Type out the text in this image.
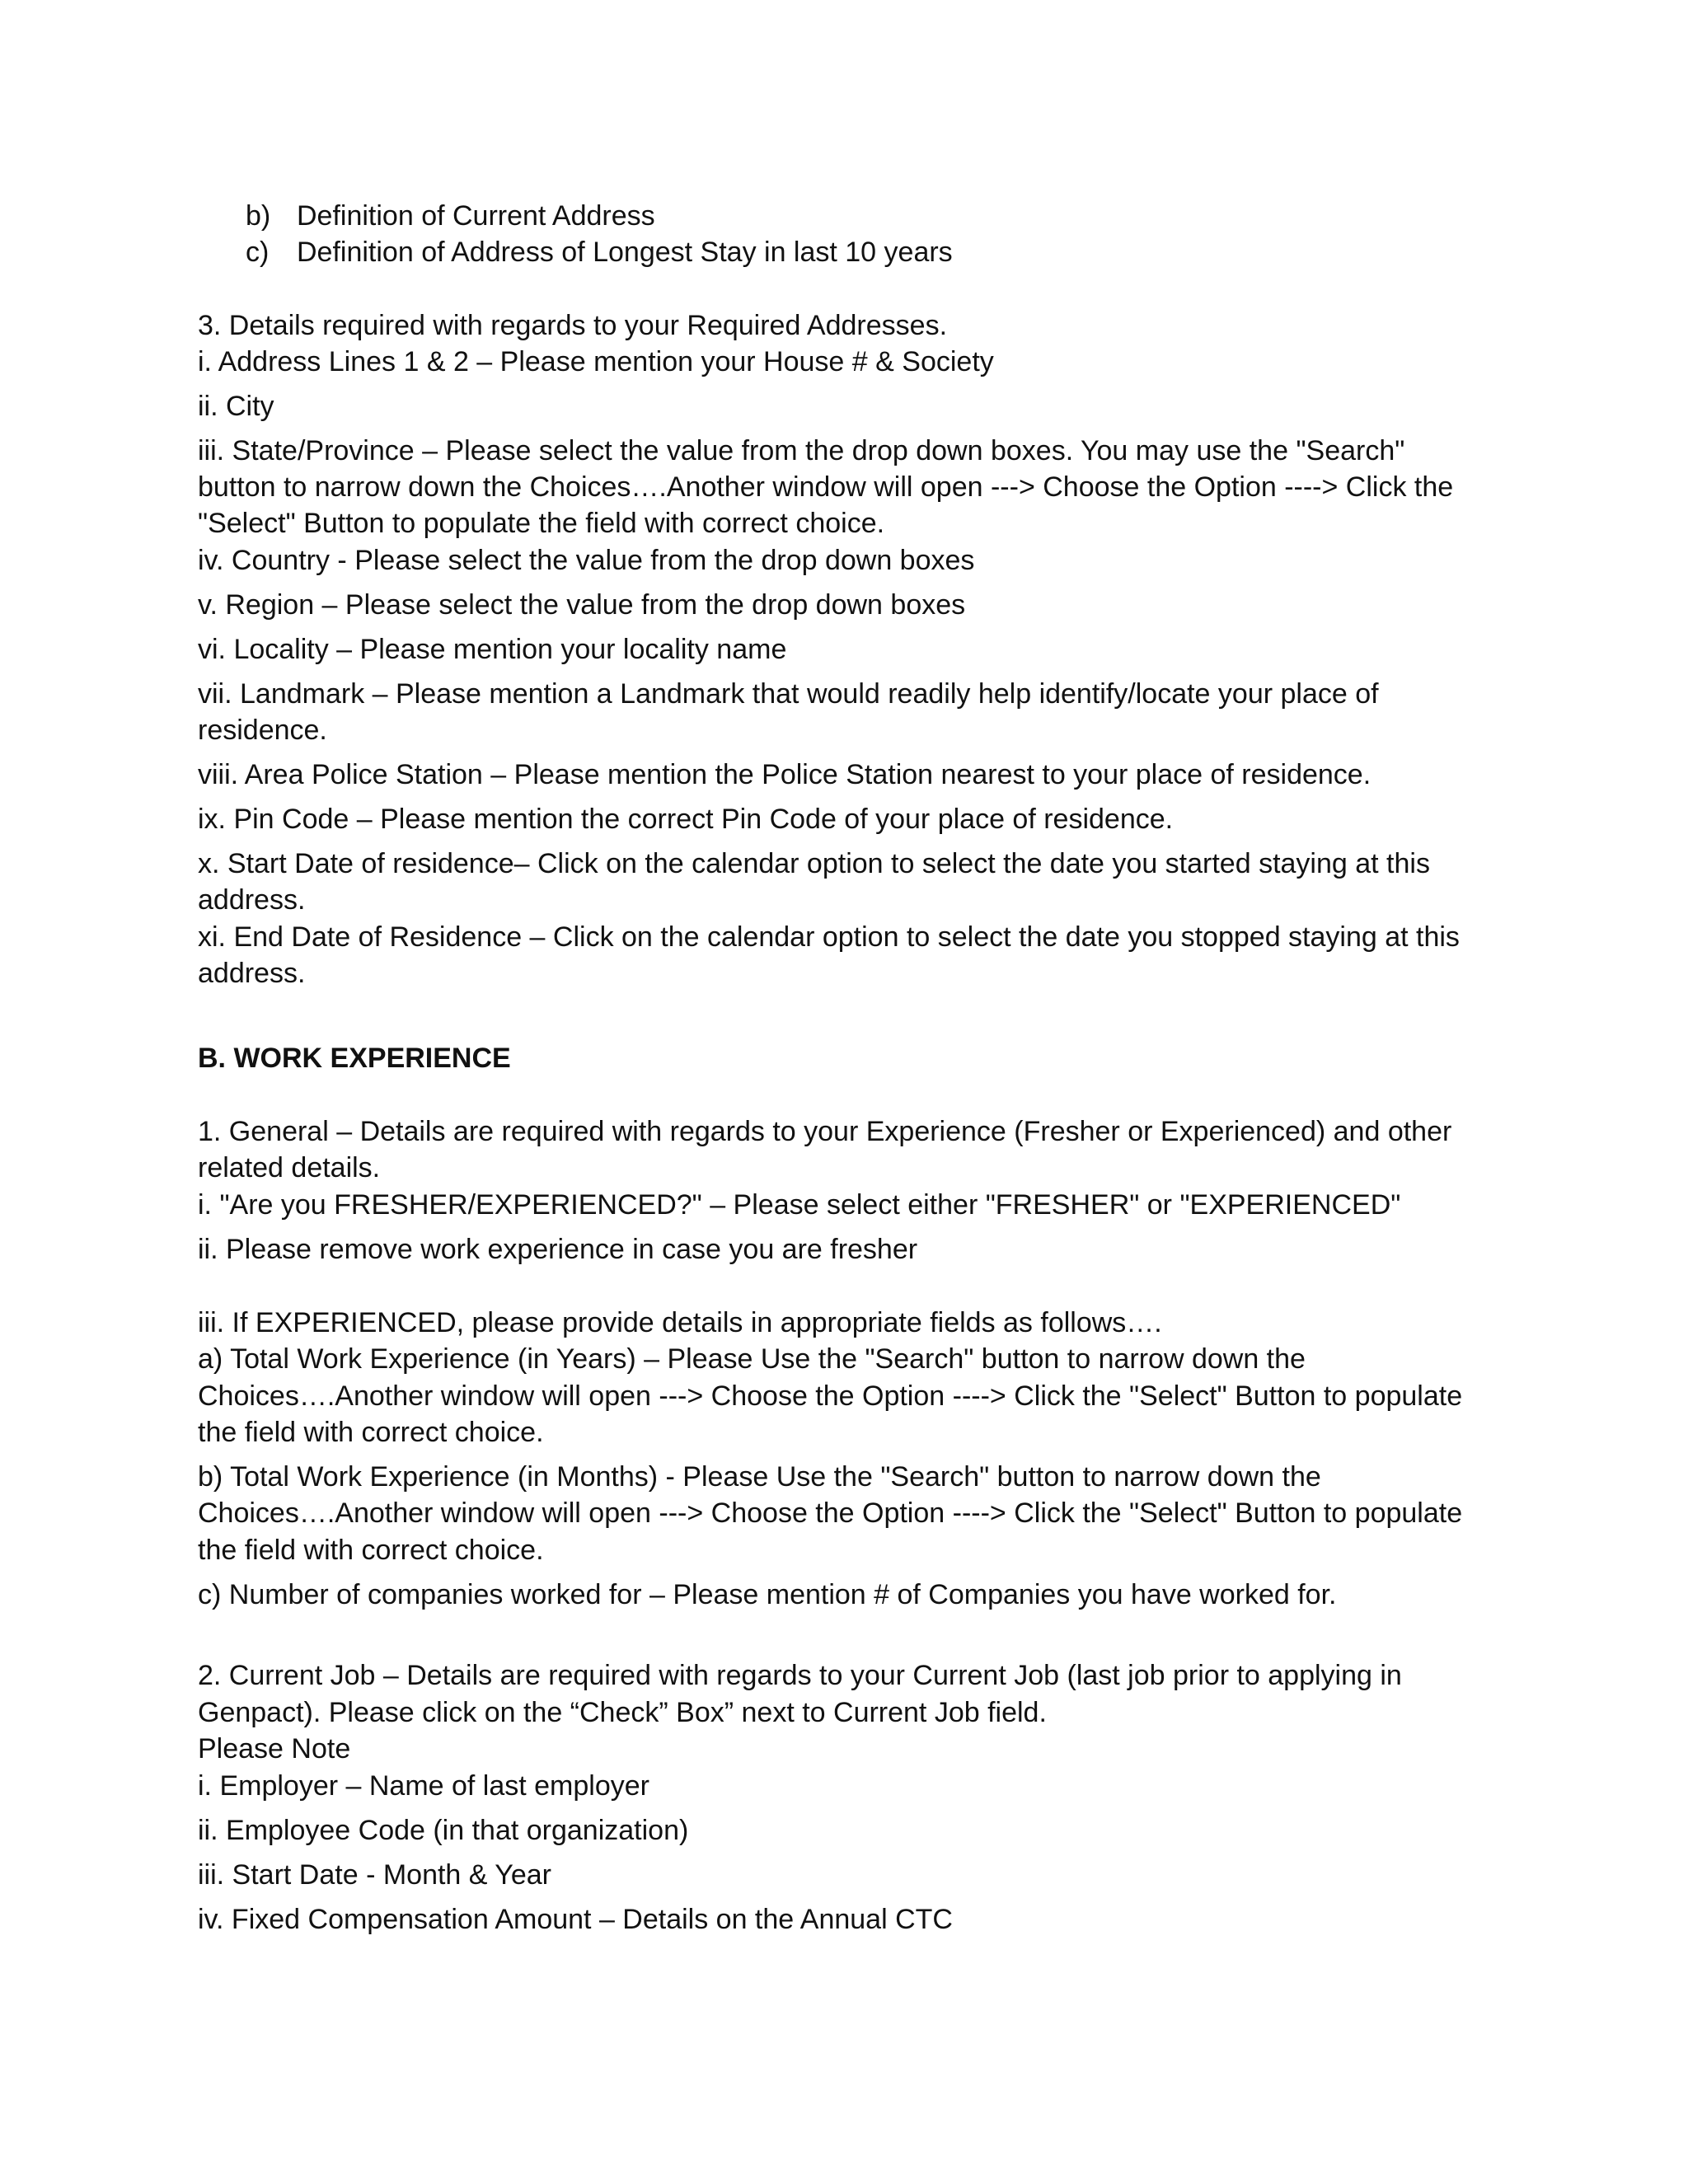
b) Definition of Current Address
c) Definition of Address of Longest Stay in last 10 years
3. Details required with regards to your Required Addresses.
i. Address Lines 1 & 2 – Please mention your House # & Society
ii. City
iii. State/Province – Please select the value from the drop down boxes. You may use the "Search"
button to narrow down the Choices….Another window will open ---> Choose the Option ----> Click the
"Select" Button to populate the field with correct choice.
iv. Country - Please select the value from the drop down boxes
v. Region – Please select the value from the drop down boxes
vi. Locality – Please mention your locality name
vii. Landmark – Please mention a Landmark that would readily help identify/locate your place of
residence.
viii. Area Police Station – Please mention the Police Station nearest to your place of residence.
ix. Pin Code – Please mention the correct Pin Code of your place of residence.
x. Start Date of residence– Click on the calendar option to select the date you started staying at this
address.
xi. End Date of Residence – Click on the calendar option to select the date you stopped staying at this
address.
B. WORK EXPERIENCE
1. General – Details are required with regards to your Experience (Fresher or Experienced) and other
related details.
i. "Are you FRESHER/EXPERIENCED?" – Please select either "FRESHER" or "EXPERIENCED"
ii. Please remove work experience in case you are fresher
iii. If EXPERIENCED, please provide details in appropriate fields as follows….
a) Total Work Experience (in Years) – Please Use the "Search" button to narrow down the
Choices….Another window will open ---> Choose the Option ----> Click the "Select" Button to populate
the field with correct choice.
b) Total Work Experience (in Months) - Please Use the "Search" button to narrow down the
Choices….Another window will open ---> Choose the Option ----> Click the "Select" Button to populate
the field with correct choice.
c) Number of companies worked for – Please mention # of Companies you have worked for.
2. Current Job – Details are required with regards to your Current Job (last job prior to applying in
Genpact). Please click on the “Check” Box” next to Current Job field.
Please Note
i. Employer – Name of last employer
ii. Employee Code (in that organization)
iii. Start Date - Month & Year
iv. Fixed Compensation Amount – Details on the Annual CTC
